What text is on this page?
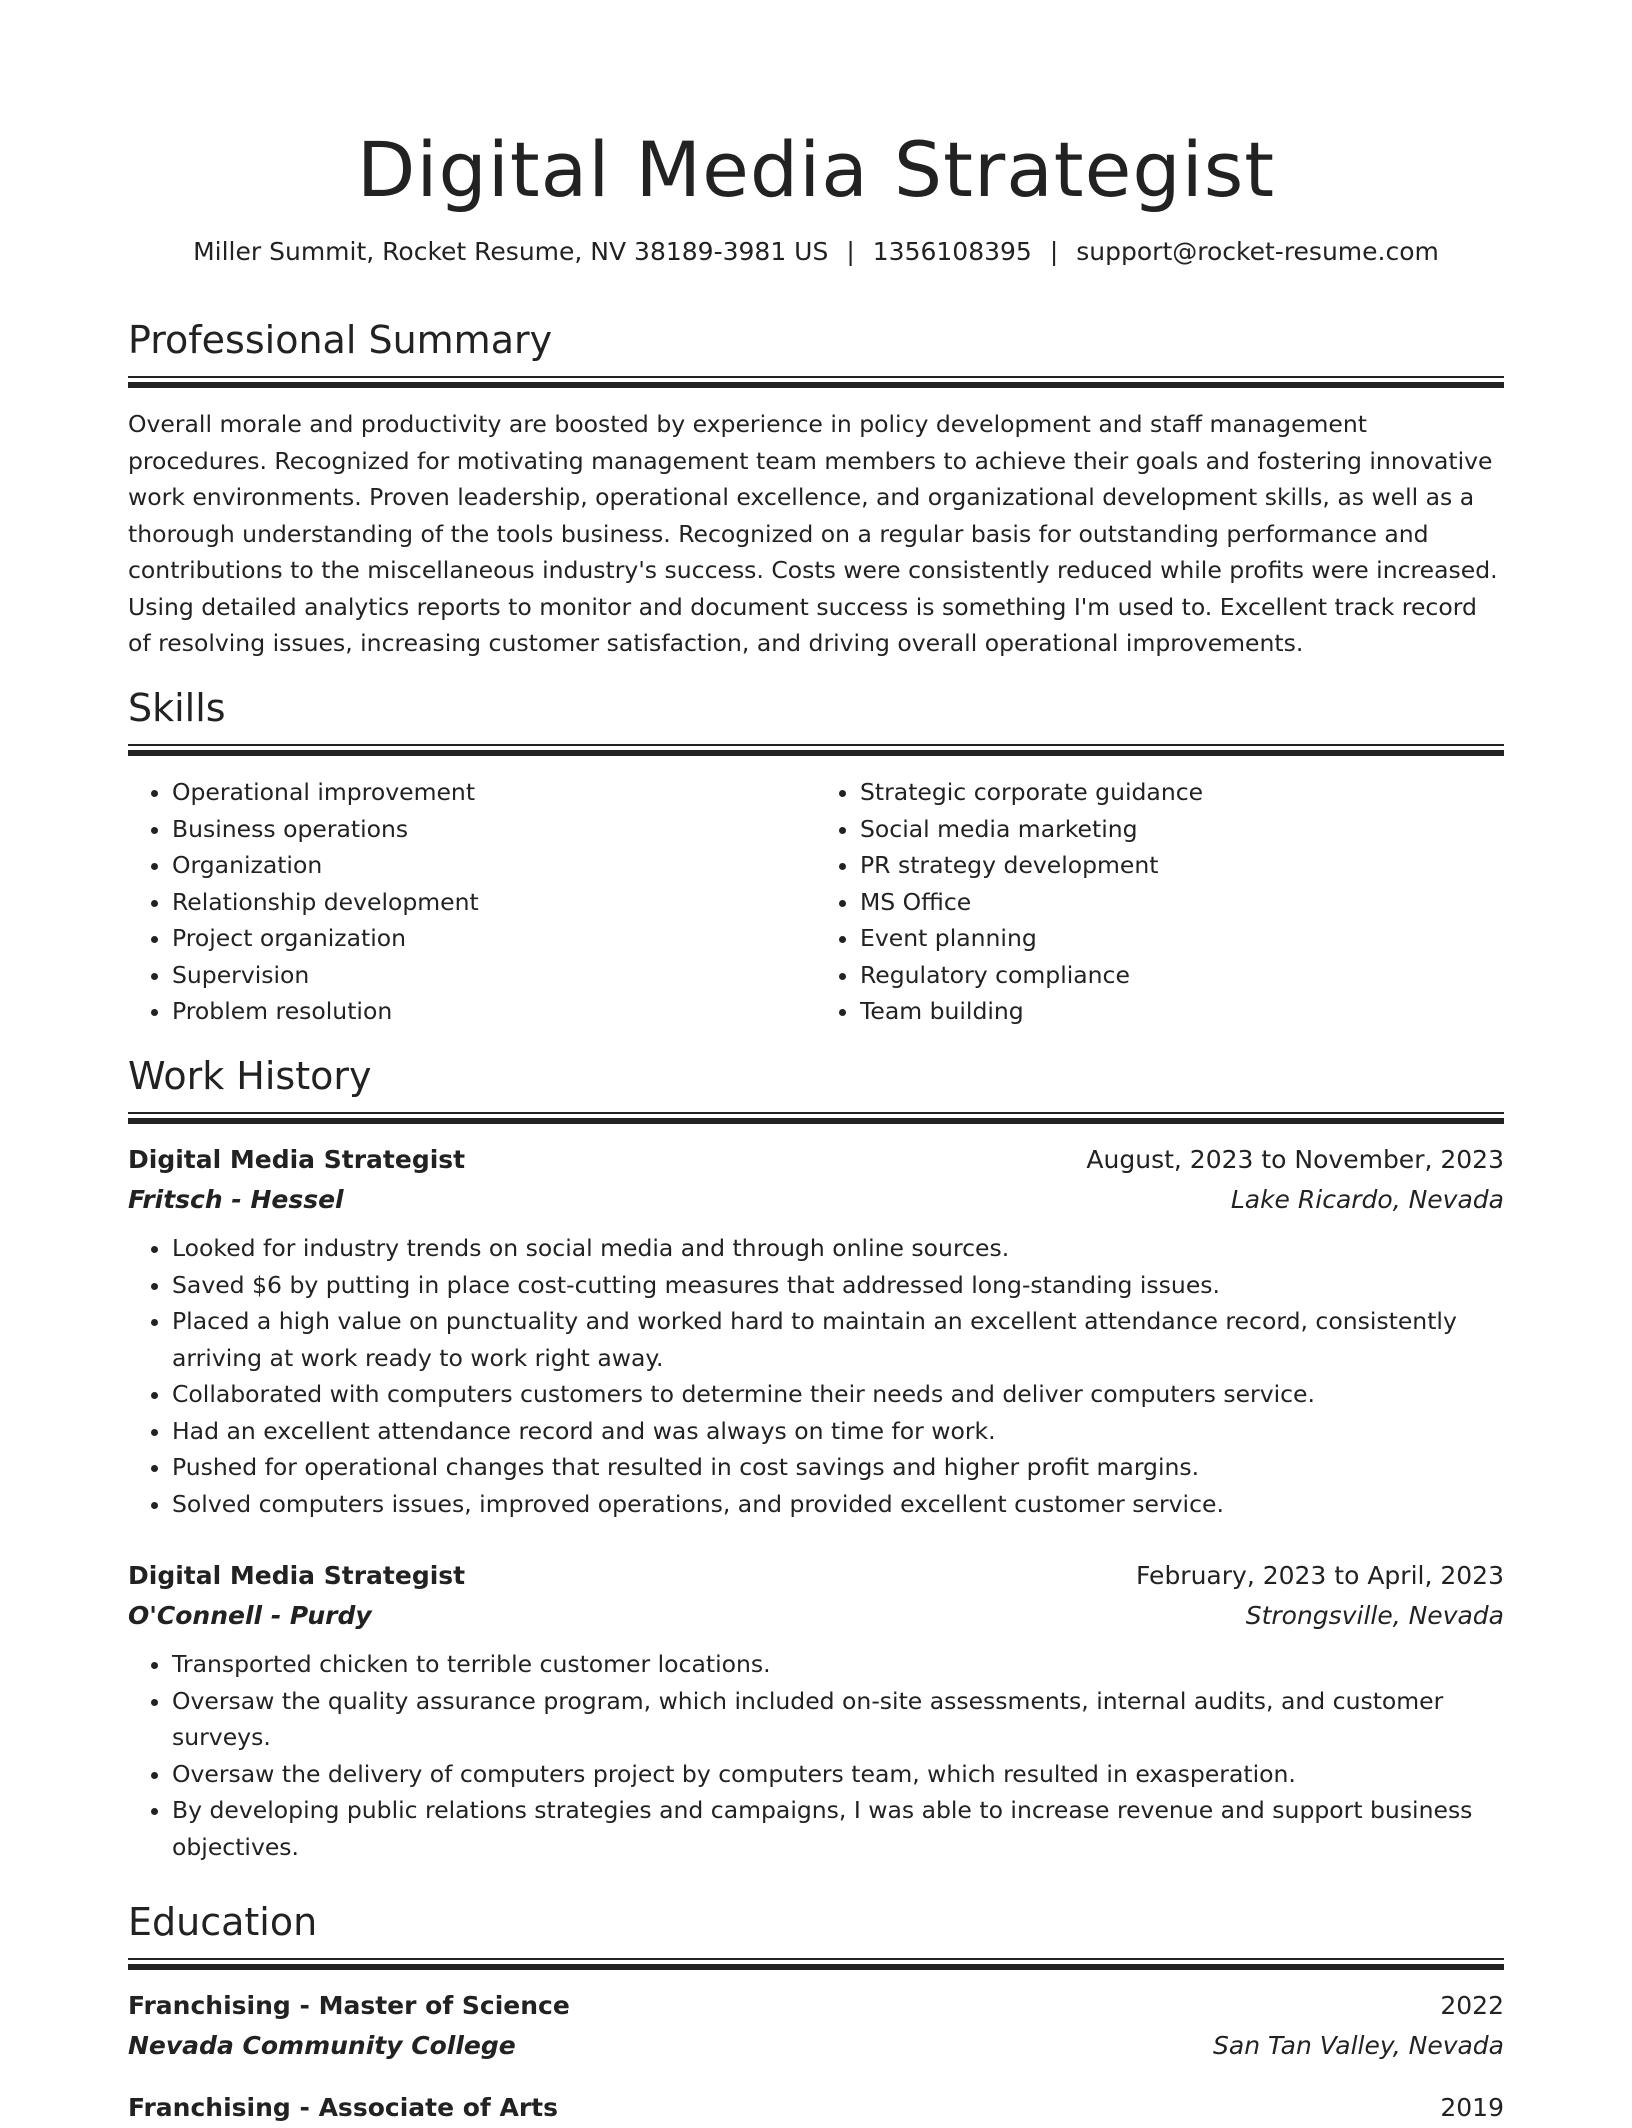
Digital Media Strategist
Miller Summit, Rocket Resume, NV 38189-3981 US | 1356108395 | support@rocket-resume.com
Professional Summary

Overall morale and productivity are boosted by experience in policy development and staff management procedures. Recognized for motivating management team members to achieve their goals and fostering innovative work environments. Proven leadership, operational excellence, and organizational development skills, as well as a thorough understanding of the tools business. Recognized on a regular basis for outstanding performance and contributions to the miscellaneous industry's success. Costs were consistently reduced while profits were increased. Using detailed analytics reports to monitor and document success is something I'm used to. Excellent track record of resolving issues, increasing customer satisfaction, and driving overall operational improvements.

Skills
• Operational improvement
• Business operations
• Organization
• Relationship development
• Project organization
• Supervision
• Problem resolution
• Strategic corporate guidance
• Social media marketing
• PR strategy development
• MS Office
• Event planning
• Regulatory compliance
• Team building
Work History
Digital Media Strategist	August, 2023 to November, 2023
Fritsch - Hessel	Lake Ricardo, Nevada
• Looked for industry trends on social media and through online sources.
• Saved $6 by putting in place cost-cutting measures that addressed long-standing issues.
• Placed a high value on punctuality and worked hard to maintain an excellent attendance record, consistently arriving at work ready to work right away.
• Collaborated with computers customers to determine their needs and deliver computers service.
• Had an excellent attendance record and was always on time for work.
• Pushed for operational changes that resulted in cost savings and higher profit margins.
• Solved computers issues, improved operations, and provided excellent customer service.
Digital Media Strategist	February, 2023 to April, 2023
O'Connell - Purdy	Strongsville, Nevada
• Transported chicken to terrible customer locations.
• Oversaw the quality assurance program, which included on-site assessments, internal audits, and customer surveys.
• Oversaw the delivery of computers project by computers team, which resulted in exasperation.
• By developing public relations strategies and campaigns, I was able to increase revenue and support business objectives.
Education
Franchising - Master of Science	2022
Nevada Community College	San Tan Valley, Nevada
Franchising - Associate of Arts	2019
